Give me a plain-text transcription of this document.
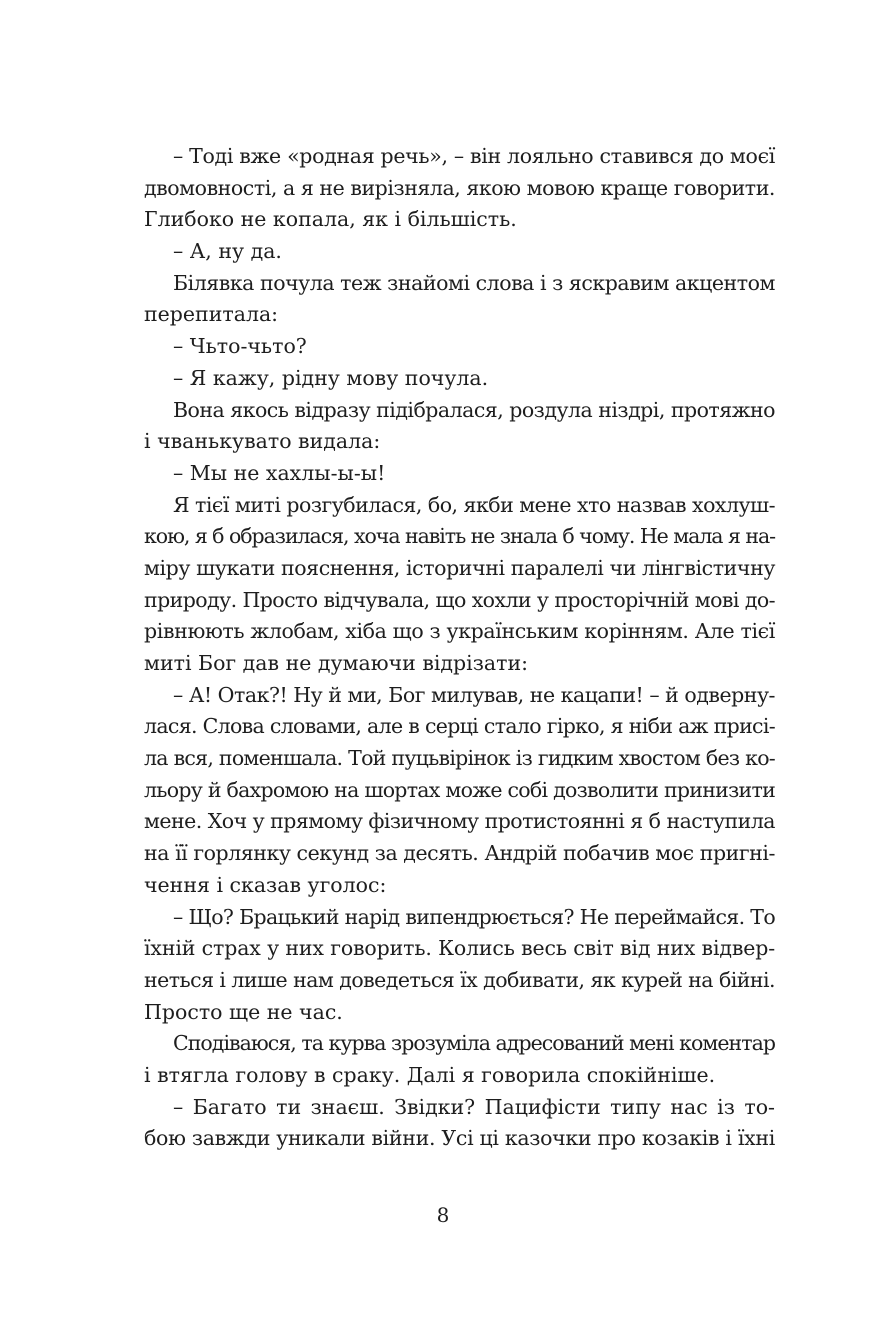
– Тоді вже «родная речь», – він лояльно ставився до моєї
двомовності, а я не вирізняла, якою мовою краще говорити.
Глибоко не копала, як і більшість.
– А, ну да.
Білявка почула теж знайомі слова і з яскравим акцентом
перепитала:
– Чьто-чьто?
– Я кажу, рідну мову почула.
Вона якось відразу підібралася, роздула ніздрі, протяжно
і чванькувато видала:
– Мы не хахлы-ы-ы!
Я тієї миті розгубилася, бо, якби мене хто назвав хохлуш-
кою, я б образилася, хоча навіть не знала б чому. Не мала я на-
міру шукати пояснення, історичні паралелі чи лінгвістичну
природу. Просто відчувала, що хохли у просторічній мові до-
рівнюють жлобам, хіба що з українським корінням. Але тієї
миті Бог дав не думаючи відрізати:
– А! Отак?! Ну й ми, Бог милував, не кацапи! – й одверну-
лася. Слова словами, але в серці стало гірко, я ніби аж присі-
ла вся, поменшала. Той пуцьвірінок із гидким хвостом без ко-
льору й бахромою на шортах може собі дозволити принизити
мене. Хоч у прямому фізичному протистоянні я б наступила
на її горлянку секунд за десять. Андрій побачив моє пригні-
чення і сказав уголос:
– Що? Брацький нарід випендрюється? Не переймайся. То
їхній страх у них говорить. Колись весь світ від них відвер-
неться і лише нам доведеться їх добивати, як курей на бійні.
Просто ще не час.
Сподіваюся, та курва зрозуміла адресований мені коментар
і втягла голову в сраку. Далі я говорила спокійніше.
– Багато ти знаєш. Звідки? Пацифісти типу нас із то-
бою завжди уникали війни. Усі ці казочки про козаків і їхні
8
